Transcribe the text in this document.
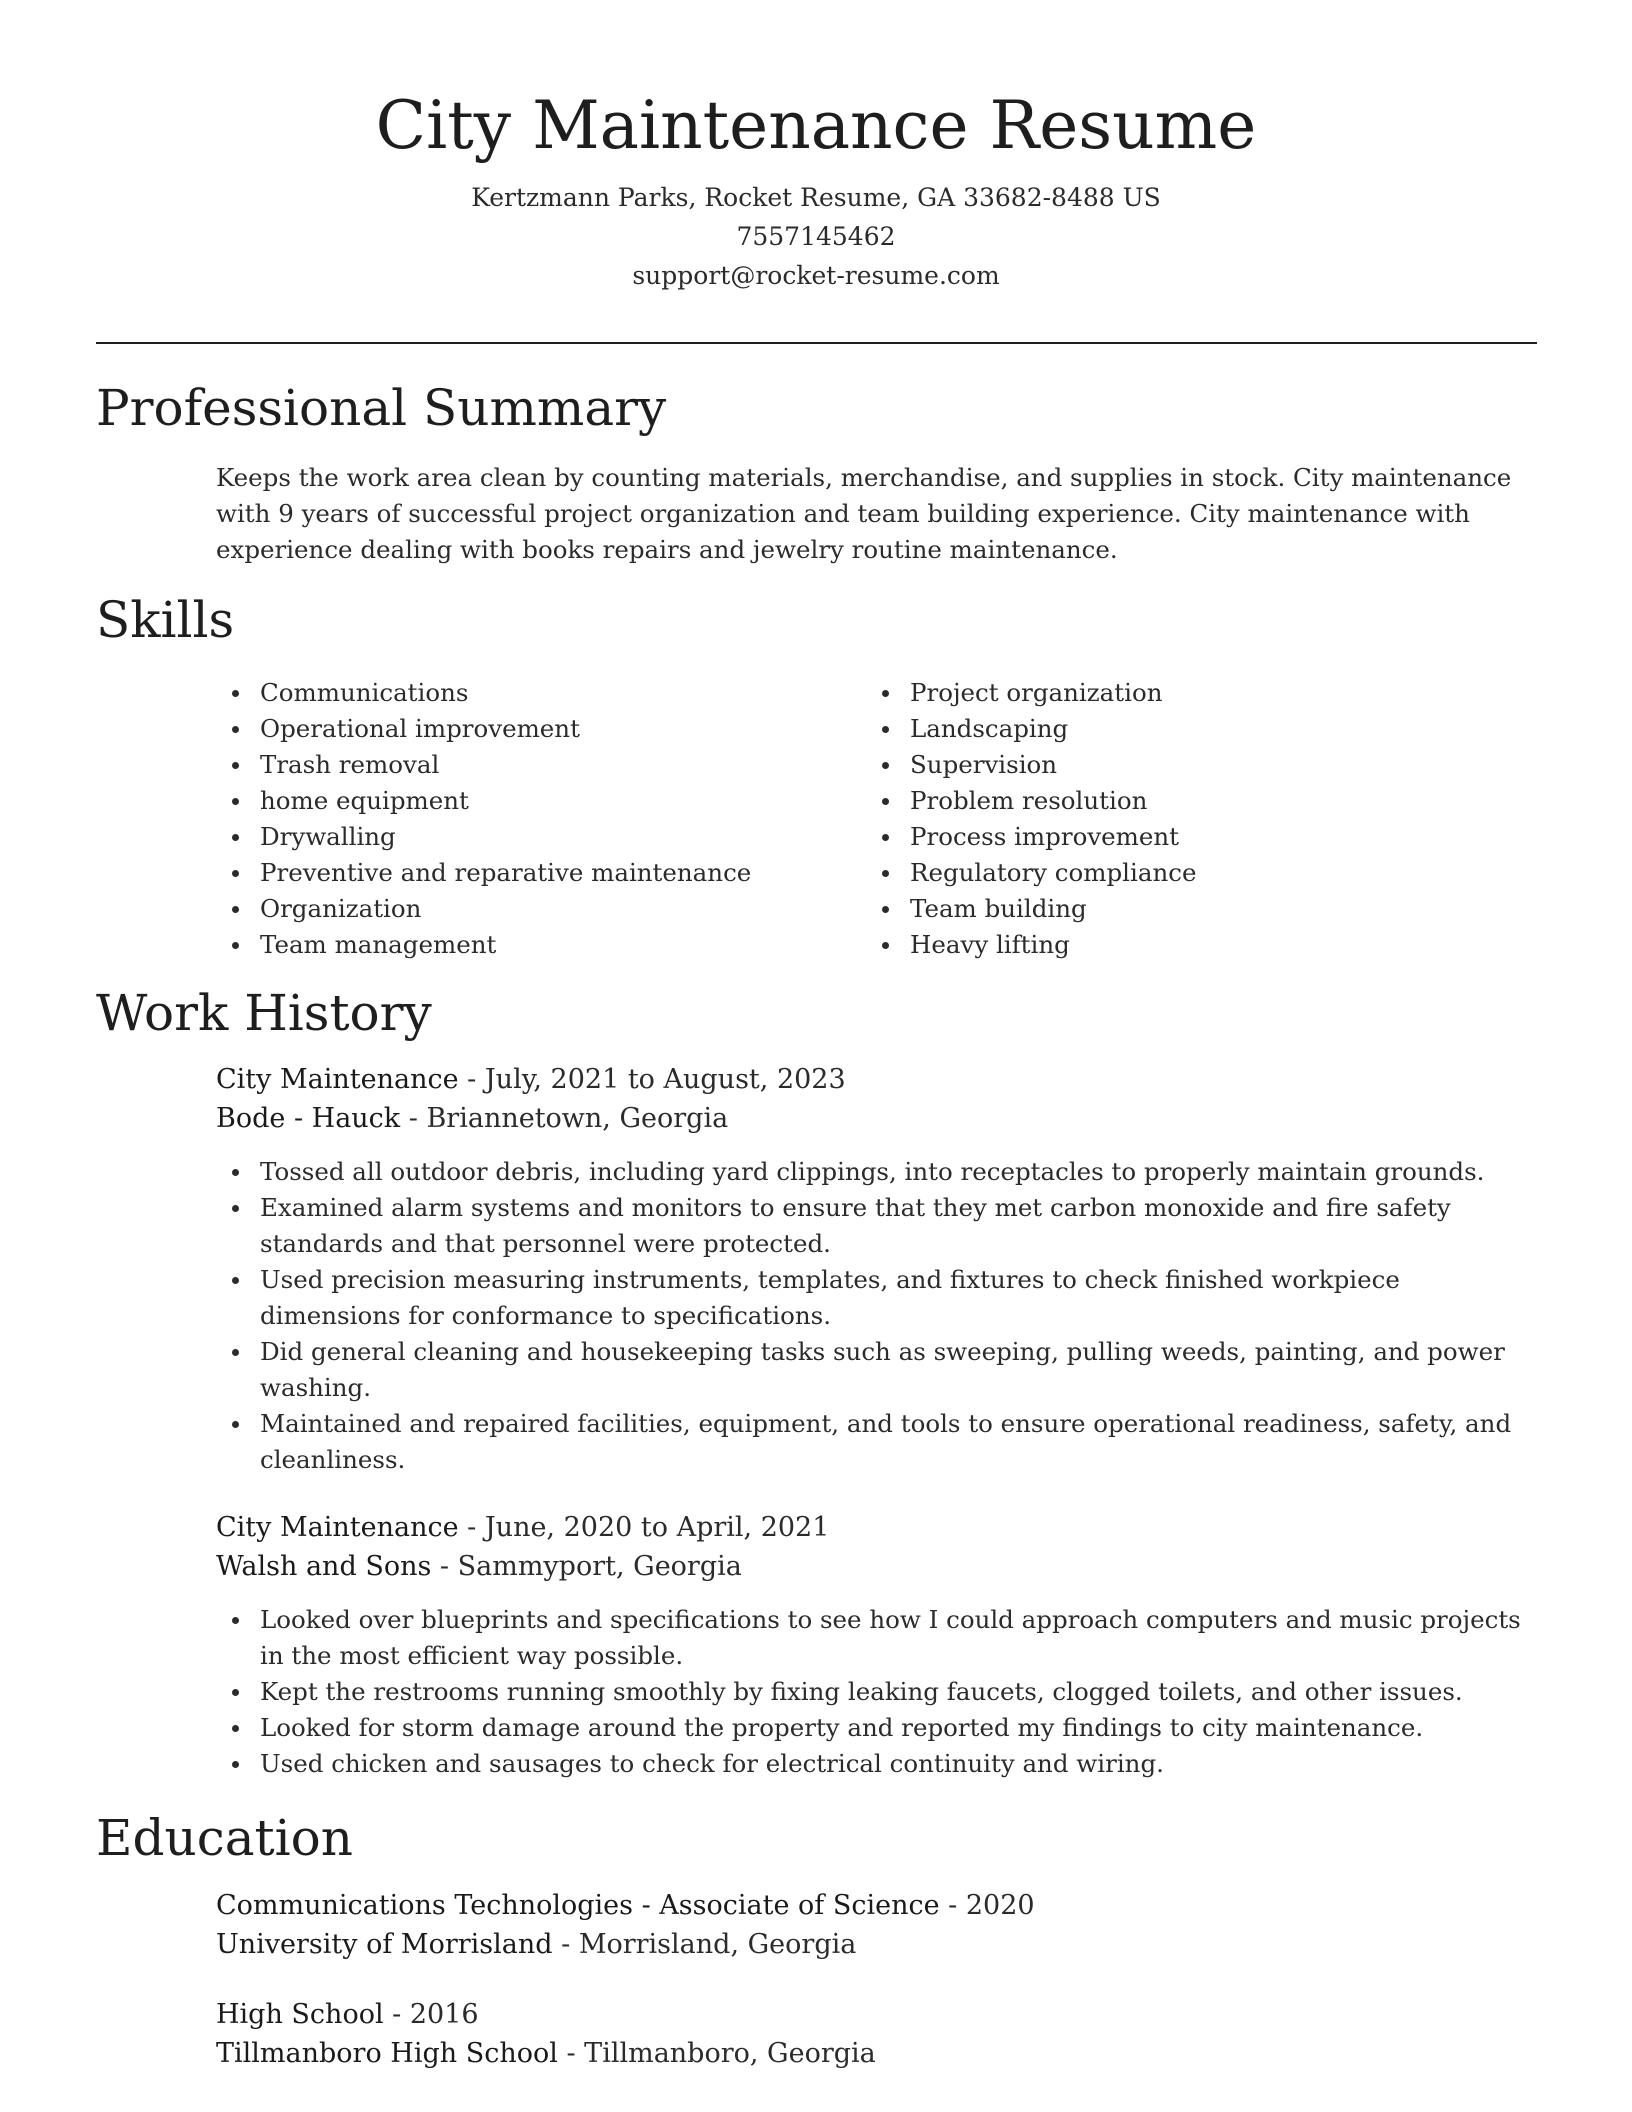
City Maintenance Resume
Kertzmann Parks, Rocket Resume, GA 33682-8488 US
7557145462
support@rocket-resume.com
Professional Summary

Keeps the work area clean by counting materials, merchandise, and supplies in stock. City maintenance with 9 years of successful project organization and team building experience. City maintenance with experience dealing with books repairs and jewelry routine maintenance.

Skills
Communications
Operational improvement
Trash removal
home equipment
Drywalling
Preventive and reparative maintenance
Organization
Team management
Project organization
Landscaping
Supervision
Problem resolution
Process improvement
Regulatory compliance
Team building
Heavy lifting
Work History
City Maintenance - July, 2021 to August, 2023
Bode - Hauck - Briannetown, Georgia
Tossed all outdoor debris, including yard clippings, into receptacles to properly maintain grounds.
Examined alarm systems and monitors to ensure that they met carbon monoxide and fire safety standards and that personnel were protected.
Used precision measuring instruments, templates, and fixtures to check finished workpiece dimensions for conformance to specifications.
Did general cleaning and housekeeping tasks such as sweeping, pulling weeds, painting, and power washing.
Maintained and repaired facilities, equipment, and tools to ensure operational readiness, safety, and cleanliness.
City Maintenance - June, 2020 to April, 2021
Walsh and Sons - Sammyport, Georgia
Looked over blueprints and specifications to see how I could approach computers and music projects in the most efficient way possible.
Kept the restrooms running smoothly by fixing leaking faucets, clogged toilets, and other issues.
Looked for storm damage around the property and reported my findings to city maintenance.
Used chicken and sausages to check for electrical continuity and wiring.
Education
Communications Technologies - Associate of Science - 2020
University of Morrisland - Morrisland, Georgia
High School - 2016
Tillmanboro High School - Tillmanboro, Georgia
